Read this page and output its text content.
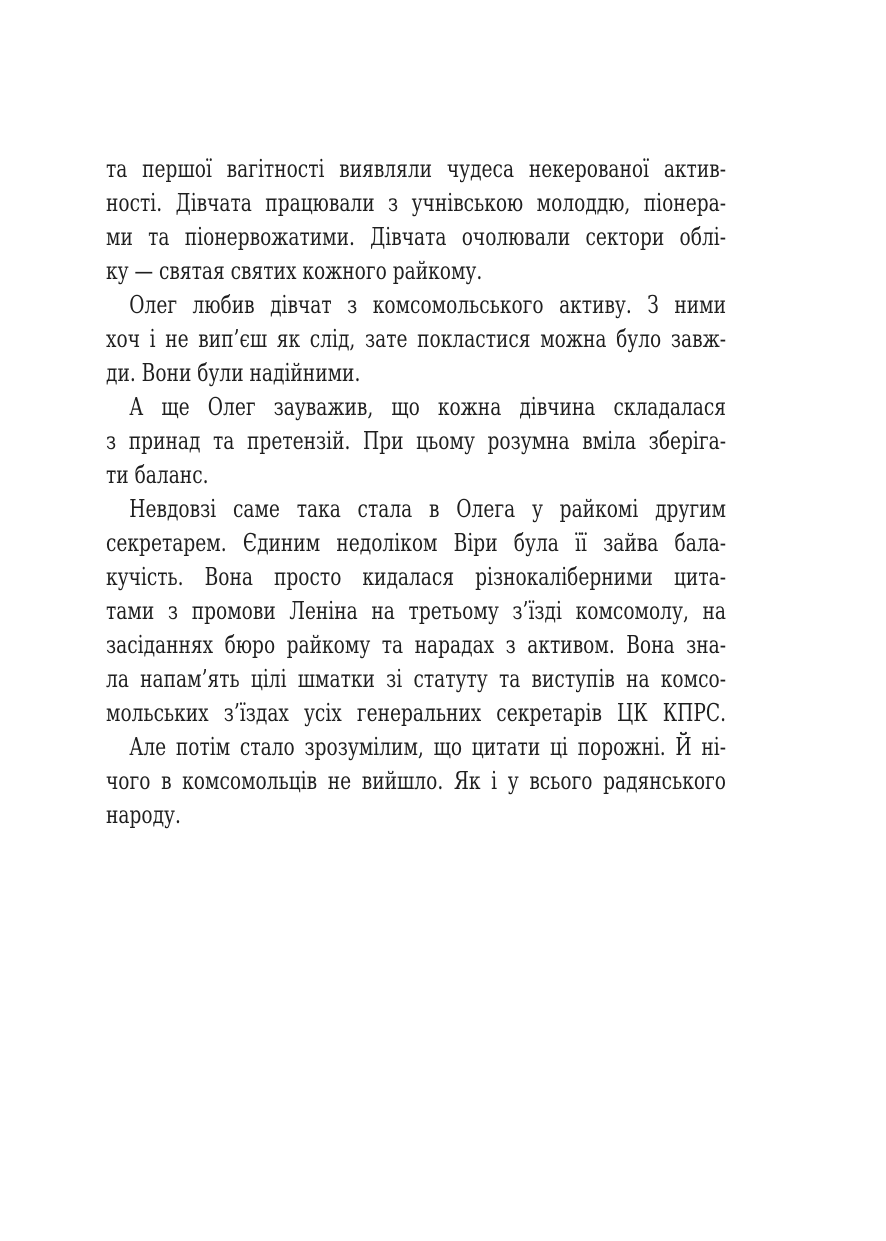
та першої вагітності виявляли чудеса некерованої актив-
ності. Дівчата працювали з учнівською молоддю, піонера-
ми та піонервожатими. Дівчата очолювали сектори облі-
ку — святая святих кожного райкому.
Олег любив дівчат з комсомольського активу. З ними
хоч і не вип’єш як слід, зате покластися можна було завж-
ди. Вони були надійними.
А ще Олег зауважив, що кожна дівчина складалася
з принад та претензій. При цьому розумна вміла зберіга-
ти баланс.
Невдовзі саме така стала в Олега у райкомі другим
секретарем. Єдиним недоліком Віри була її зайва бала-
кучість. Вона просто кидалася різнокаліберними цита-
тами з промови Леніна на третьому з’їзді комсомолу, на
засіданнях бюро райкому та нарадах з активом. Вона зна-
ла напам’ять цілі шматки зі статуту та виступів на комсо-
мольських з’їздах усіх генеральних секретарів ЦК КПРС.
Але потім стало зрозумілим, що цитати ці порожні. Й ні-
чого в комсомольців не вийшло. Як і у всього радянського
народу.
